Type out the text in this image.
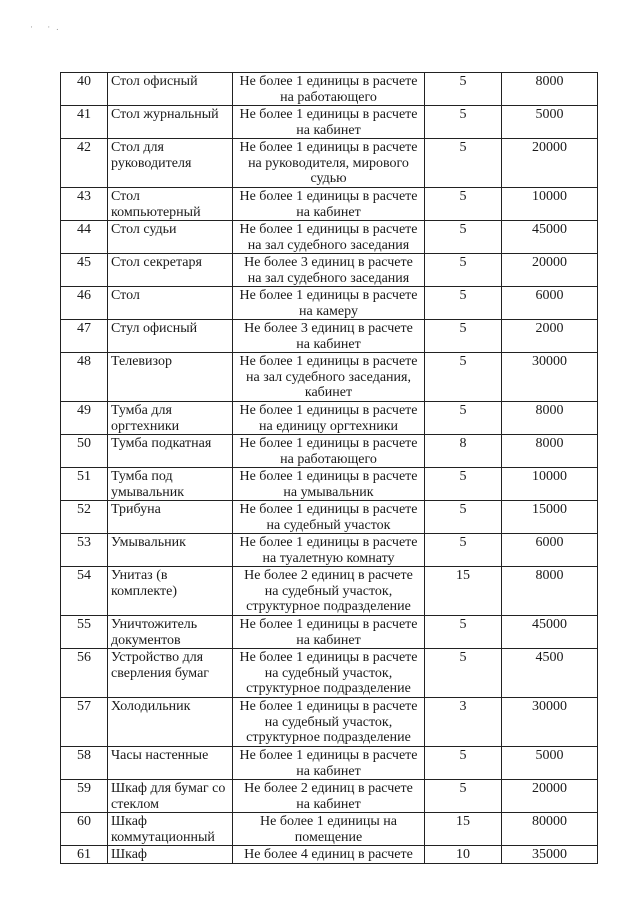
· ·.
40	Стол офисный	Не более 1 единицы в расчете на работающего	5	8000
41	Стол журнальный	Не более 1 единицы в расчете на кабинет	5	5000
42	Стол для руководителя	Не более 1 единицы в расчете на руководителя, мирового судью	5	20000
43	Стол компьютерный	Не более 1 единицы в расчете на кабинет	5	10000
44	Стол судьи	Не более 1 единицы в расчете на зал судебного заседания	5	45000
45	Стол секретаря	Не более 3 единиц в расчете на зал судебного заседания	5	20000
46	Стол	Не более 1 единицы в расчете на камеру	5	6000
47	Стул офисный	Не более 3 единиц в расчете на кабинет	5	2000
48	Телевизор	Не более 1 единицы в расчете на зал судебного заседания, кабинет	5	30000
49	Тумба для оргтехники	Не более 1 единицы в расчете на единицу оргтехники	5	8000
50	Тумба подкатная	Не более 1 единицы в расчете на работающего	8	8000
51	Тумба под умывальник	Не более 1 единицы в расчете на умывальник	5	10000
52	Трибуна	Не более 1 единицы в расчете на судебный участок	5	15000
53	Умывальник	Не более 1 единицы в расчете на туалетную комнату	5	6000
54	Унитаз (в комплекте)	Не более 2 единиц в расчете на судебный участок, структурное подразделение	15	8000
55	Уничтожитель документов	Не более 1 единицы в расчете на кабинет	5	45000
56	Устройство для сверления бумаг	Не более 1 единицы в расчете на судебный участок, структурное подразделение	5	4500
57	Холодильник	Не более 1 единицы в расчете на судебный участок, структурное подразделение	3	30000
58	Часы настенные	Не более 1 единицы в расчете на кабинет	5	5000
59	Шкаф для бумаг со стеклом	Не более 2 единиц в расчете на кабинет	5	20000
60	Шкаф коммутационный	Не более 1 единицы на помещение	15	80000
61	Шкаф	Не более 4 единиц в расчете	10	35000
